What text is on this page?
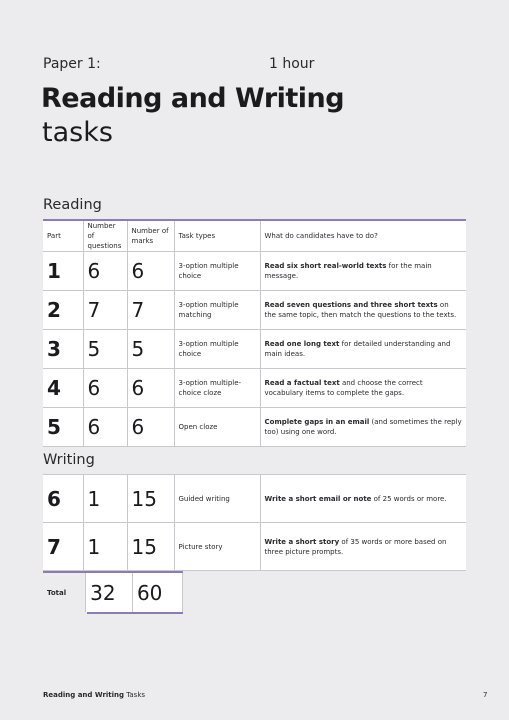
Paper 1:	1 hour
Reading and Writing
tasks
Reading
Part	Number of questions	Number of marks	Task types	What do candidates have to do?
1	6	6	3-option multiple choice	Read six short real-world texts for the main message.
2	7	7	3-option multiple matching	Read seven questions and three short texts on the same topic, then match the questions to the texts.
3	5	5	3-option multiple choice	Read one long text for detailed understanding and main ideas.
4	6	6	3-option multiple-choice cloze	Read a factual text and choose the correct vocabulary items to complete the gaps.
5	6	6	Open cloze	Complete gaps in an email (and sometimes the reply too) using one word.
Writing
6	1	15	Guided writing	Write a short email or note of 25 words or more.
7	1	15	Picture story	Write a short story of 35 words or more based on three picture prompts.
Total	32	60
Reading and Writing Tasks	7
